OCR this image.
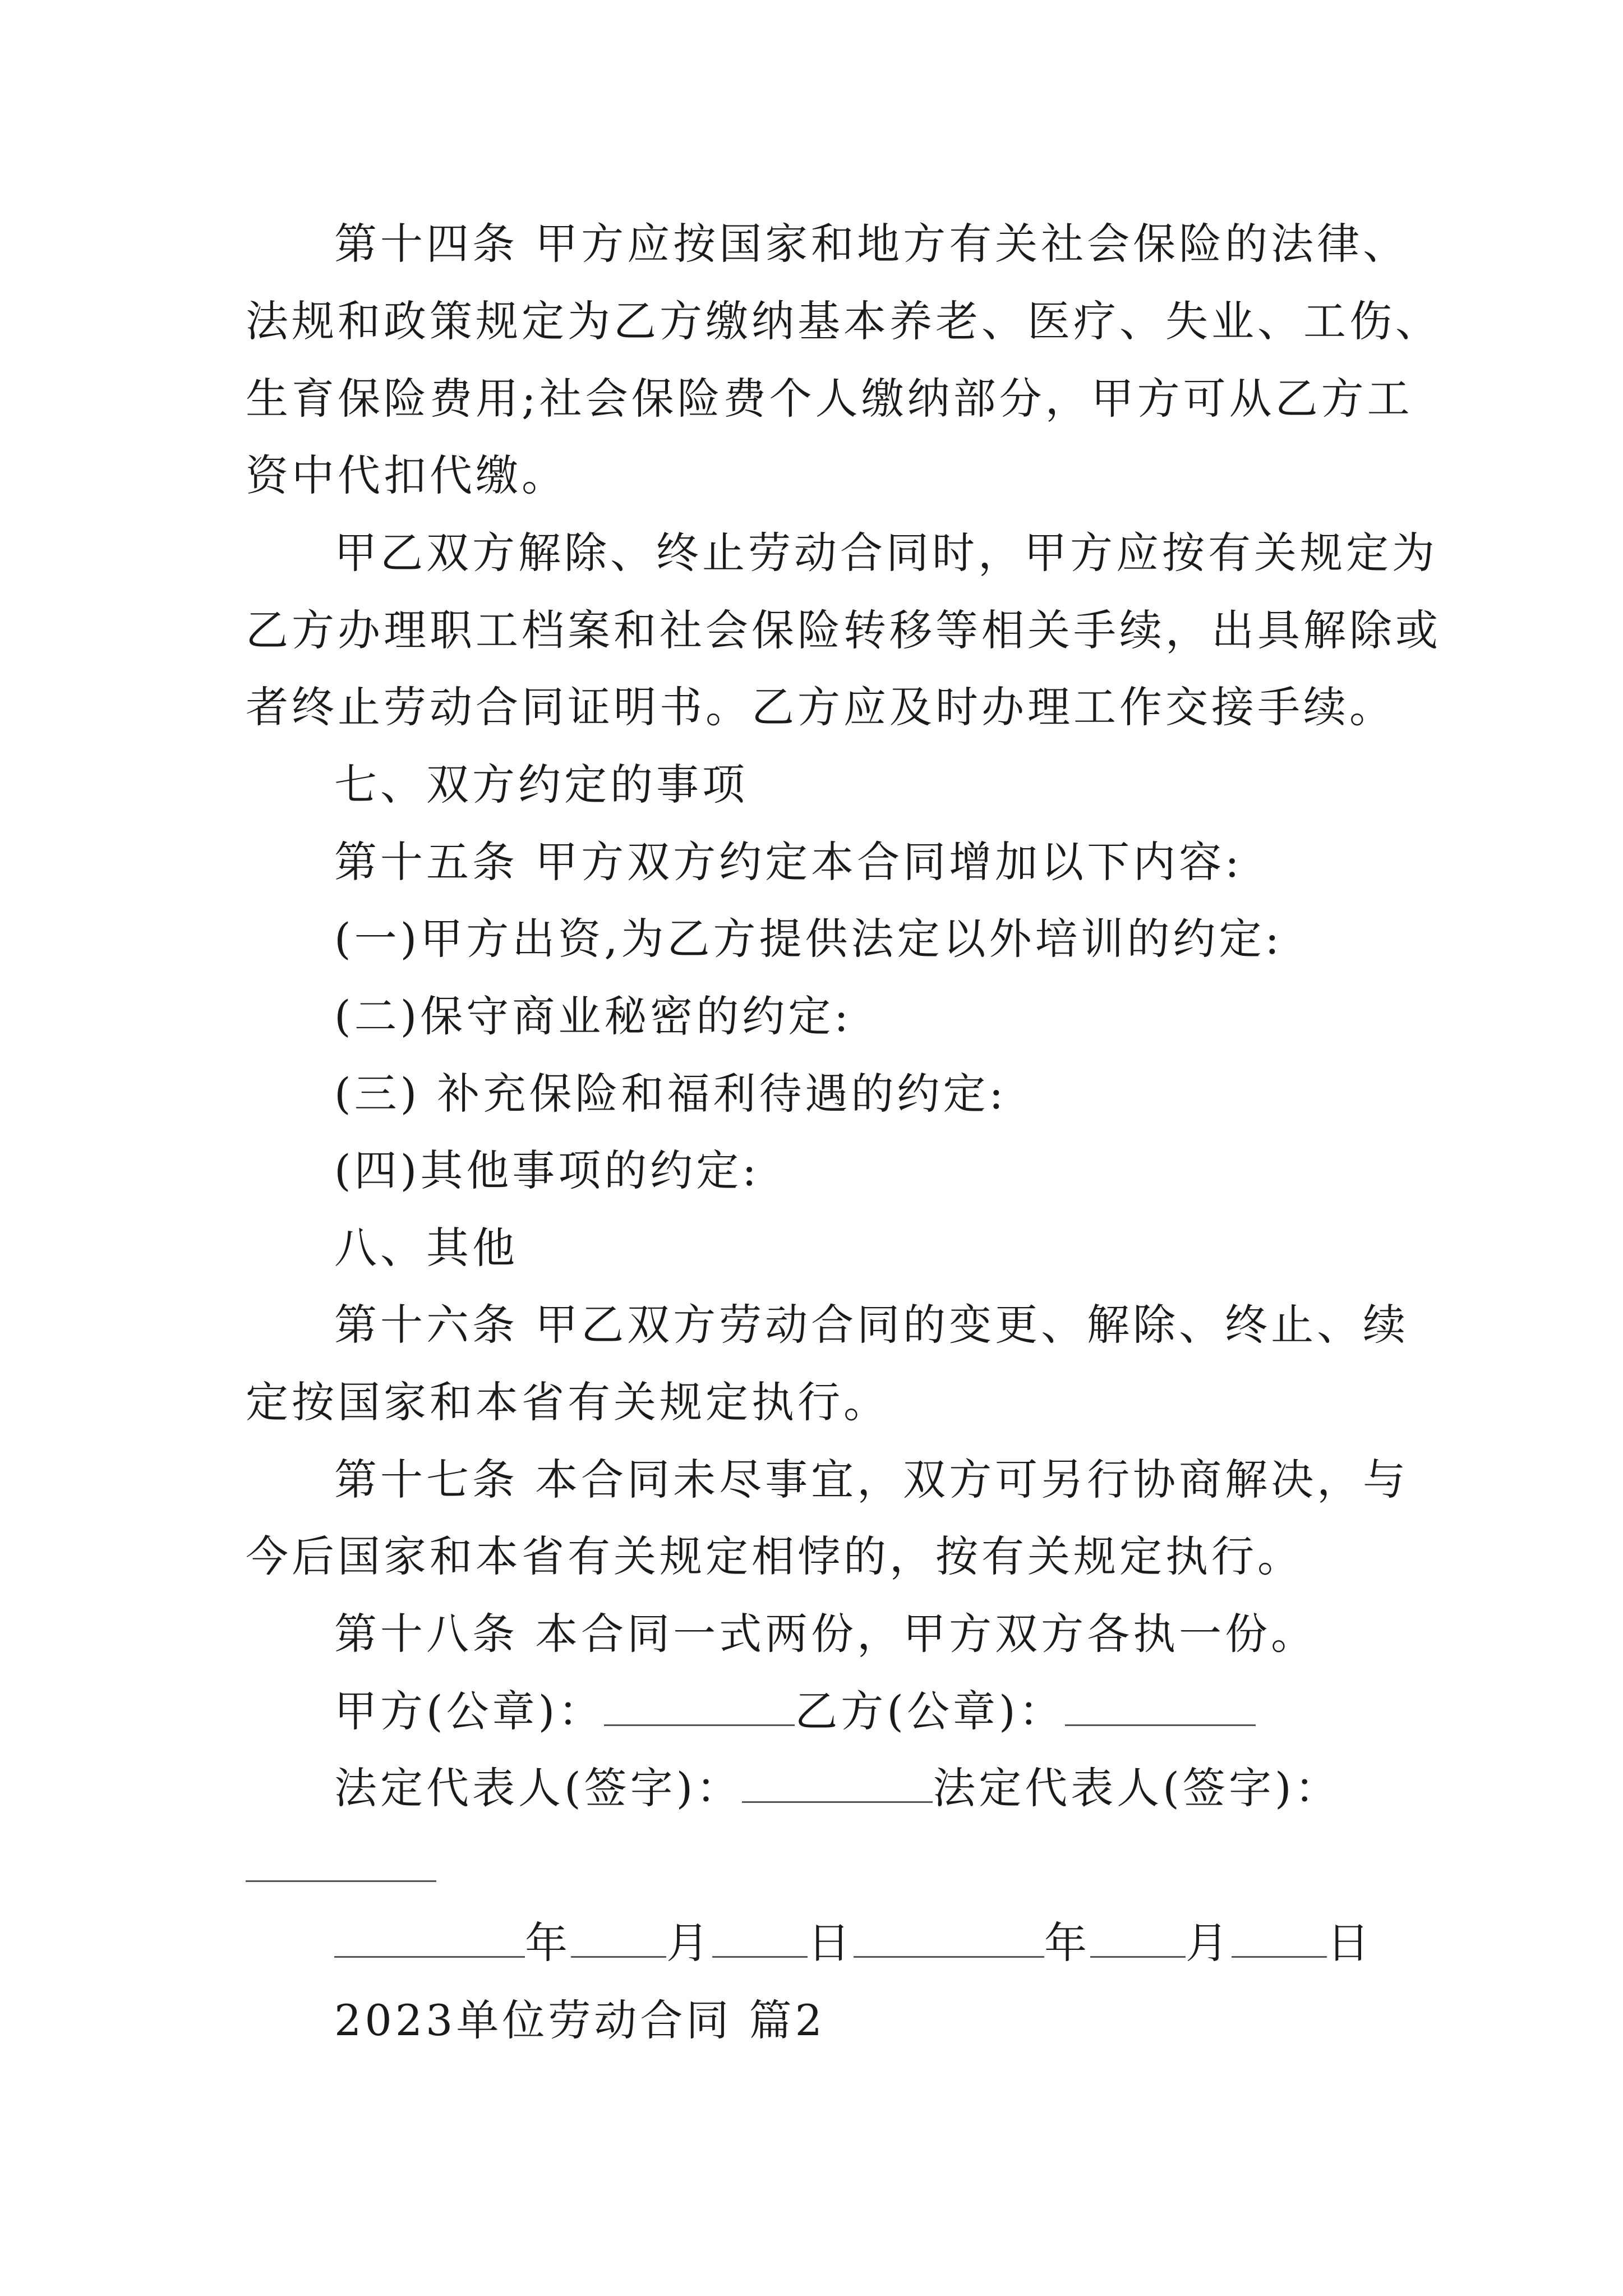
第十四条 甲方应按国家和地方有关社会保险的法律、
法规和政策规定为乙方缴纳基本养老、医疗、失业、工伤、
生育保险费用;社会保险费个人缴纳部分，甲方可从乙方工
资中代扣代缴。
甲乙双方解除、终止劳动合同时，甲方应按有关规定为
乙方办理职工档案和社会保险转移等相关手续，出具解除或
者终止劳动合同证明书。乙方应及时办理工作交接手续。
七、双方约定的事项
第十五条 甲方双方约定本合同增加以下内容:
(一)甲方出资,为乙方提供法定以外培训的约定:
(二)保守商业秘密的约定:
(三) 补充保险和福利待遇的约定:
(四)其他事项的约定:
八、其他
第十六条 甲乙双方劳动合同的变更、解除、终止、续
定按国家和本省有关规定执行。
第十七条 本合同未尽事宜，双方可另行协商解决，与
今后国家和本省有关规定相悖的，按有关规定执行。
第十八条 本合同一式两份，甲方双方各执一份。
甲方(公章)：	乙方(公章)：
法定代表人(签字)：	法定代表人(签字)：
年 月 日	年 月 日
2023单位劳动合同 篇2
